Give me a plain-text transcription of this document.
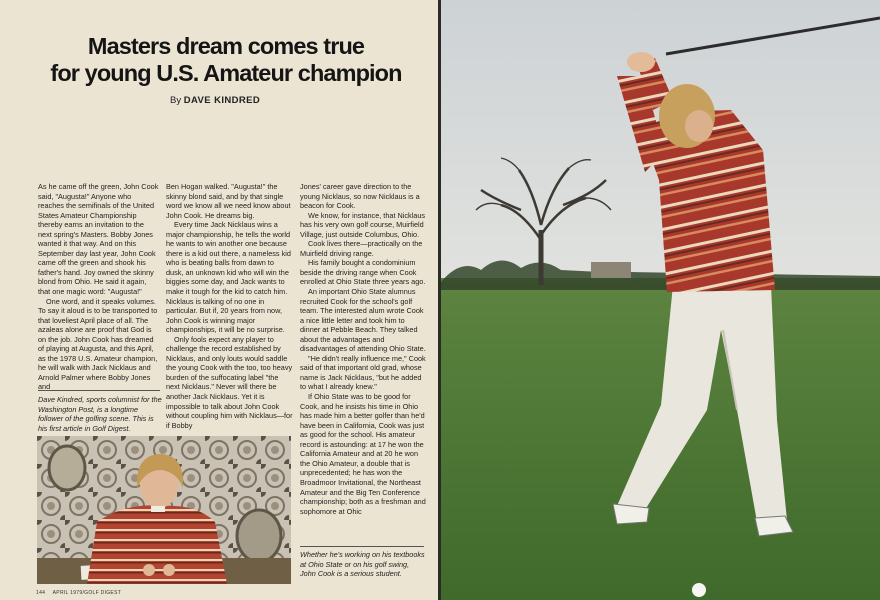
Masters dream comes true
for young U.S. Amateur champion
By DAVE KINDRED

As he came off the green, John Cook said, "Augusta!" Anyone who reaches the semifinals of the United States Amateur Championship thereby earns an invitation to the next spring's Masters. Bobby Jones wanted it that way. And on this September day last year, John Cook came off the green and shook his father's hand. Joy owned the skinny blond from Ohio. He said it again, that one magic word: "Augusta!"

One word, and it speaks volumes. To say it aloud is to be transported to that loveliest April place of all. The azaleas alone are proof that God is on the job. John Cook has dreamed of playing at Augusta, and this April, as the 1978 U.S. Amateur champion, he will walk with Jack Nicklaus and Arnold Palmer where Bobby Jones and

Dave Kindred, sports columnist for the Washington Post, is a longtime follower of the golfing scene. This is his first article in Golf Digest.

Ben Hogan walked. "Augusta!" the skinny blond said, and by that single word we know all we need know about John Cook. He dreams big.

Every time Jack Nicklaus wins a major championship, he tells the world he wants to win another one because there is a kid out there, a nameless kid who is beating balls from dawn to dusk, an unknown kid who will win the biggies some day, and Jack wants to make it tough for the kid to catch him. Nicklaus is talking of no one in particular. But if, 20 years from now, John Cook is winning major championships, it will be no surprise.

Only fools expect any player to challenge the record established by Nicklaus, and only louts would saddle the young Cook with the too, too heavy burden of the suffocating label "the next Nicklaus." Never will there be another Jack Nicklaus. Yet it is impossible to talk about John Cook without coupling him with Nicklaus—for if Bobby

Jones' career gave direction to the young Nicklaus, so now Nicklaus is a beacon for Cook.

We know, for instance, that Nicklaus has his very own golf course, Muirfield Village, just outside Columbus, Ohio.

Cook lives there—practically on the Muirfield driving range.

His family bought a condominium beside the driving range when Cook enrolled at Ohio State three years ago.

An important Ohio State alumnus recruited Cook for the school's golf team. The interested alum wrote Cook a nice little letter and took him to dinner at Pebble Beach. They talked about the advantages and disadvantages of attending Ohio State.

"He didn't really influence me," Cook said of that important old grad, whose name is Jack Nicklaus, "but he added to what I already knew."

If Ohio State was to be good for Cook, and he insists his time in Ohio has made him a better golfer than he'd have been in California, Cook was just as good for the school. His amateur record is astounding: at 17 he won the California Amateur and at 20 he won the Ohio Amateur, a double that is unprecedented; he has won the Broadmoor Invitational, the Northeast Amateur and the Big Ten Conference championship; both as a freshman and sophomore at Ohic

Whether he's working on his textbooks at Ohio State or on his golf swing, John Cook is a serious student.
144 APRIL 1979/GOLF DIGEST
